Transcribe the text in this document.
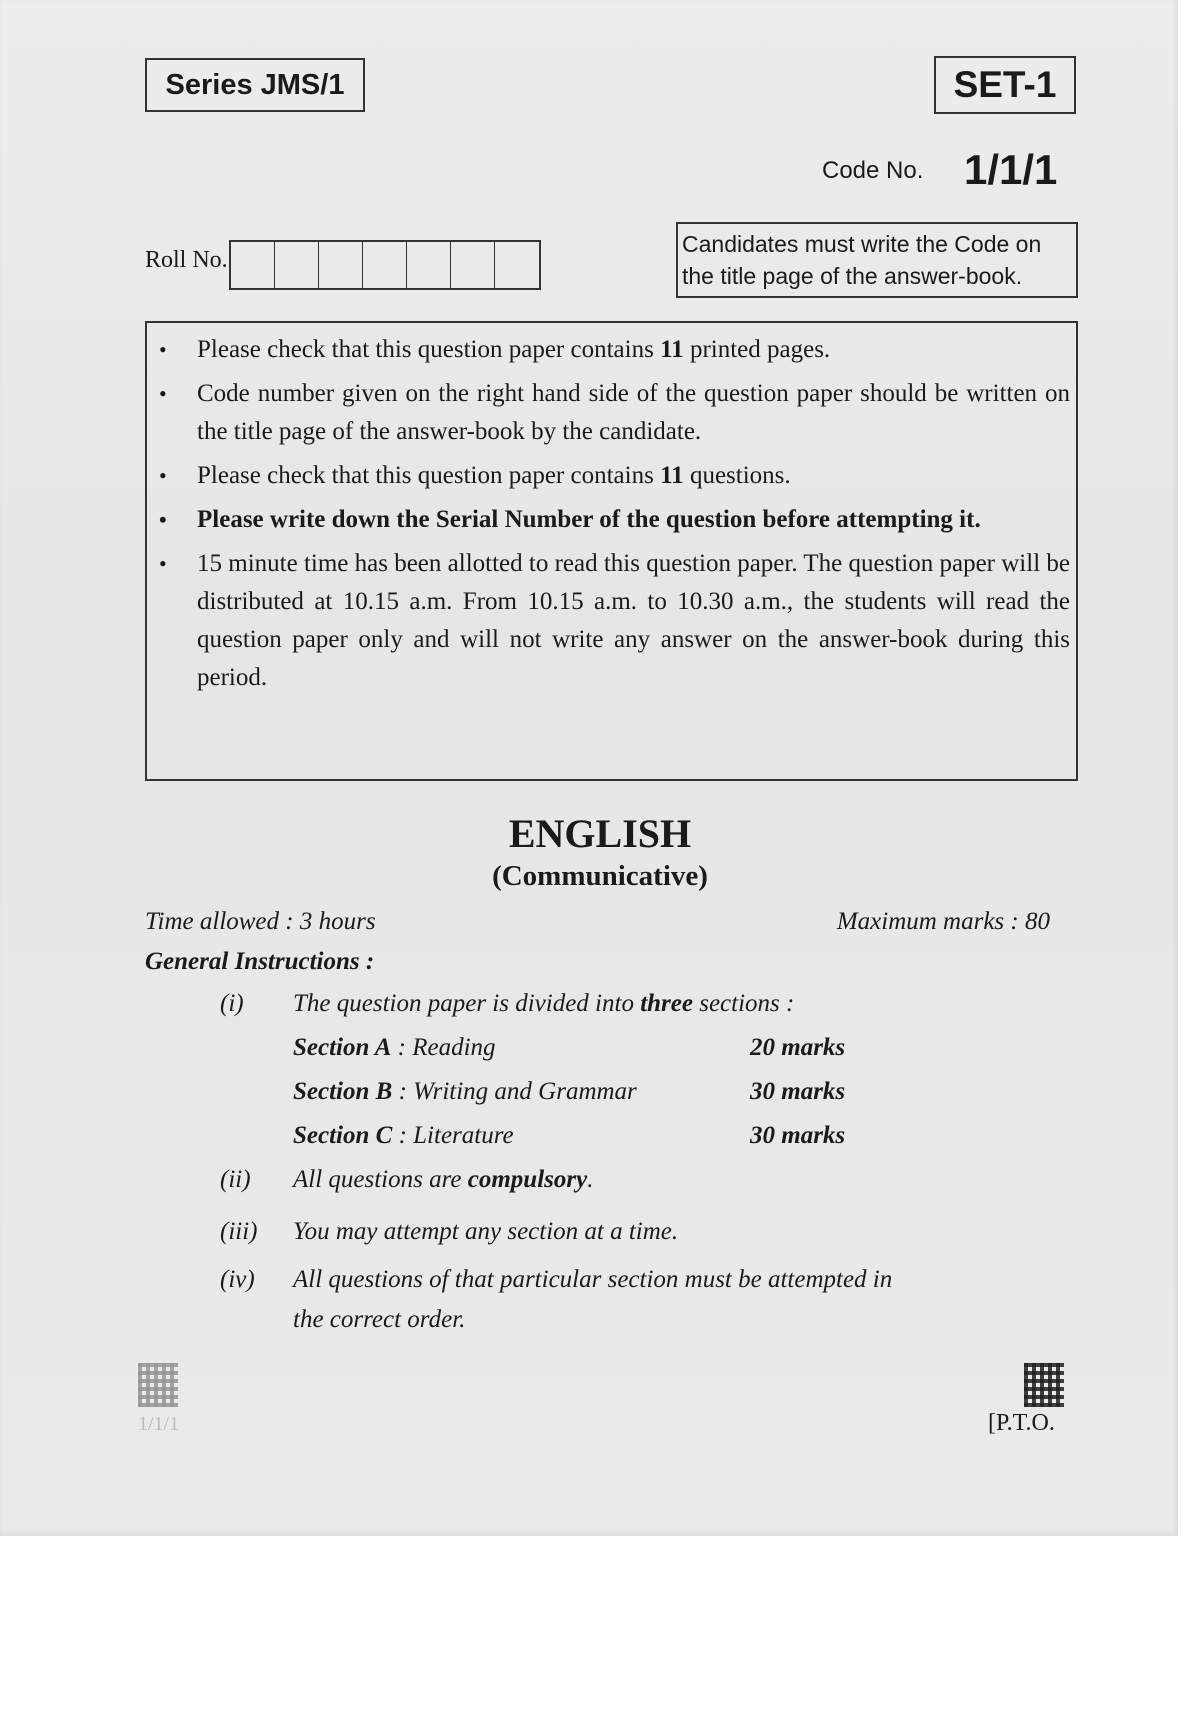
Series JMS/1	SET-1
Code No. 1/1/1
Roll No.
Candidates must write the Code on
the title page of the answer-book.
• Please check that this question paper contains 11 printed pages.
• Code number given on the right hand side of the question paper should be written on the title page of the answer-book by the candidate.
• Please check that this question paper contains 11 questions.
• Please write down the Serial Number of the question before attempting it.
• 15 minute time has been allotted to read this question paper. The question paper will be distributed at 10.15 a.m. From 10.15 a.m. to 10.30 a.m., the students will read the question paper only and will not write any answer on the answer-book during this period.
ENGLISH
(Communicative)
Time allowed : 3 hours	Maximum marks : 80
General Instructions :
(i) The question paper is divided into three sections :
Section A : Reading	20 marks
Section B : Writing and Grammar	30 marks
Section C : Literature	30 marks
(ii) All questions are compulsory.
(iii) You may attempt any section at a time.
(iv) All questions of that particular section must be attempted in
the correct order.
1/1/1	[P.T.O.
